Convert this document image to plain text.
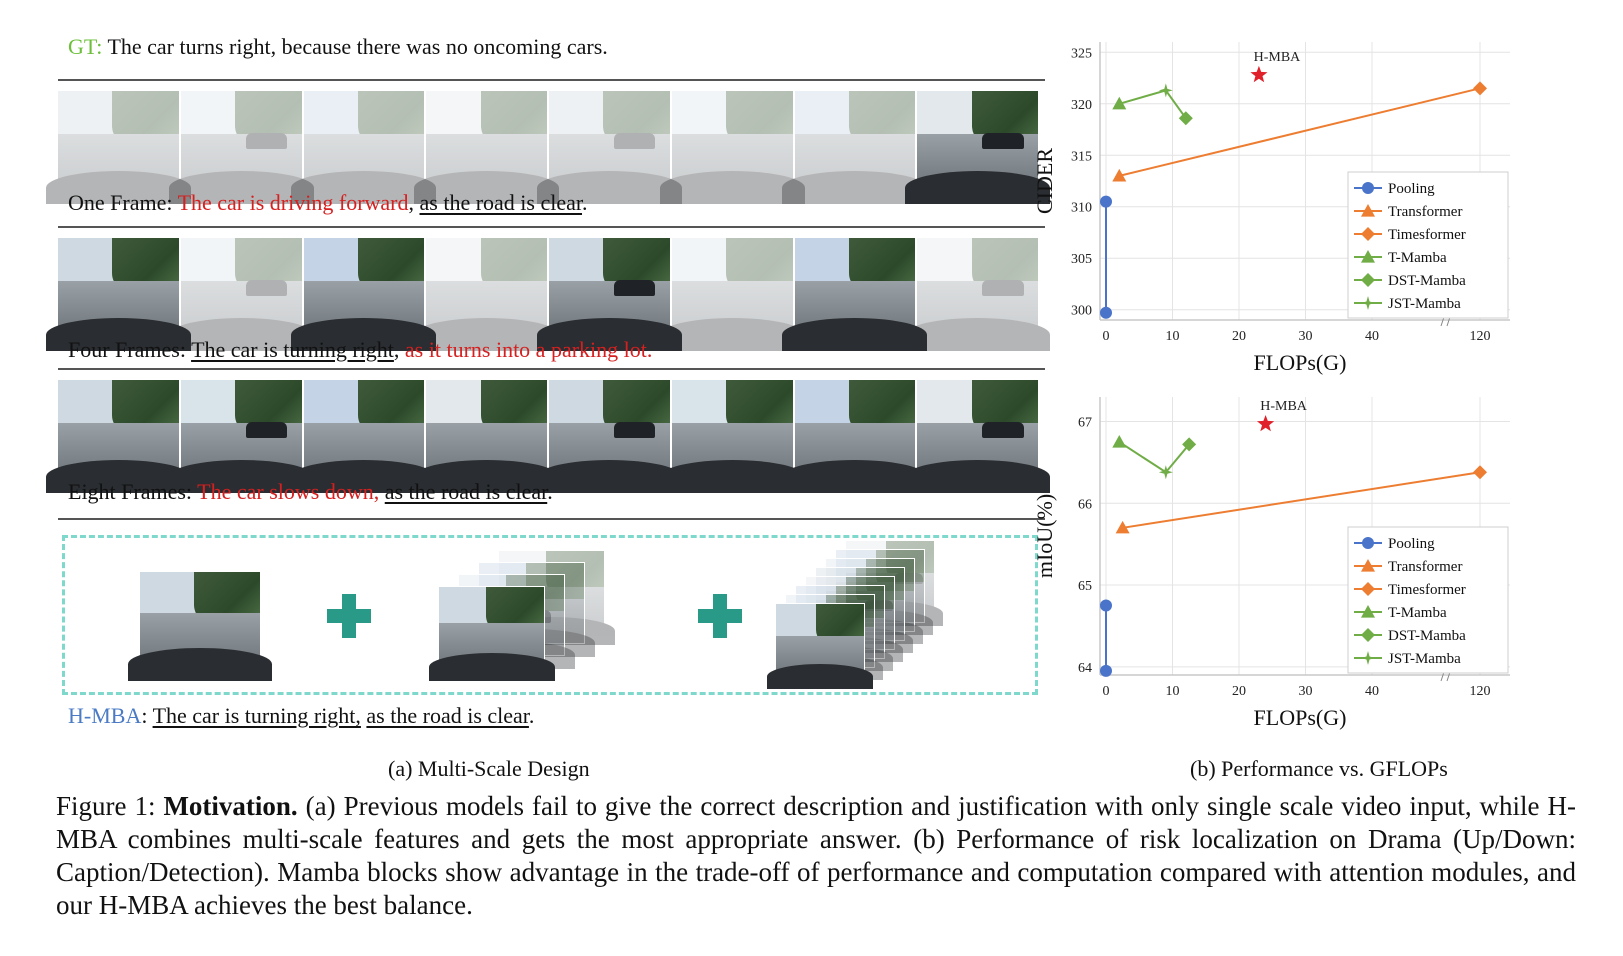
GT: The car turns right, because there was no oncoming cars.
One Frame: The car is driving forward, as the road is clear.
Four Frames: The car is turning right, as it turns into a parking lot.
Eight Frames: The car slows down, as the road is clear.
H-MBA: The car is turning right, as the road is clear.
(a) Multi-Scale Design
0	10	20	30	40	120
300
305
310
315
320
325
FLOPs(G)
CIDER
H-MBA
Pooling
Transformer
Timesformer
T-Mamba
DST-Mamba
JST-Mamba
0	10	20	30	40	120
64
65
66
67
FLOPs(G)
mIoU(%)
H-MBA
Pooling
Transformer
Timesformer
T-Mamba
DST-Mamba
JST-Mamba
(b) Performance vs. GFLOPs
Figure 1: Motivation. (a) Previous models fail to give the correct description and justification with only single scale video input, while H-MBA combines multi-scale features and gets the most appropriate answer. (b) Performance of risk localization on Drama (Up/Down: Caption/Detection). Mamba blocks show advantage in the trade-off of performance and computation compared with attention modules, and our H-MBA achieves the best balance.
